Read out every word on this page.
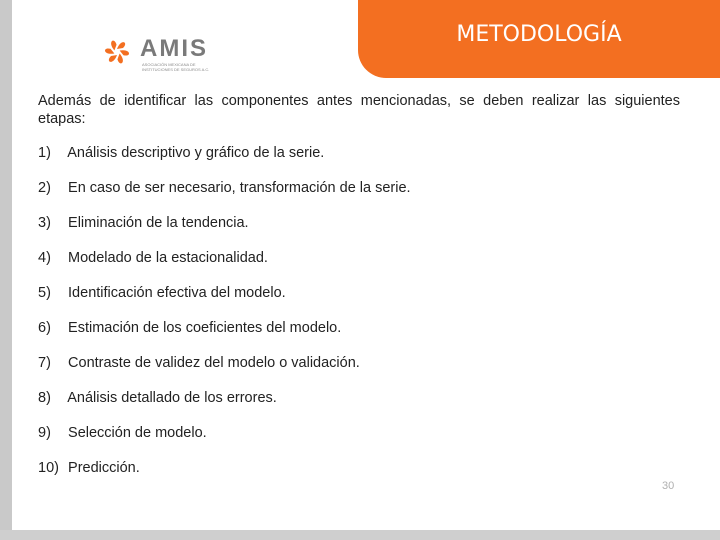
AMIS
ASOCIACIÓN MEXICANA DE INSTITUCIONES DE SEGUROS A.C.
METODOLOGÍA

Además de identificar las componentes antes mencionadas, se deben realizar las siguientes etapas:

1) Análisis descriptivo y gráfico de la serie.
2) En caso de ser necesario, transformación de la serie.
3) Eliminación de la tendencia.
4) Modelado de la estacionalidad.
5) Identificación efectiva del modelo.
6) Estimación de los coeficientes del modelo.
7) Contraste de validez del modelo o validación.
8) Análisis detallado de los errores.
9) Selección de modelo.
10) Predicción.
30
